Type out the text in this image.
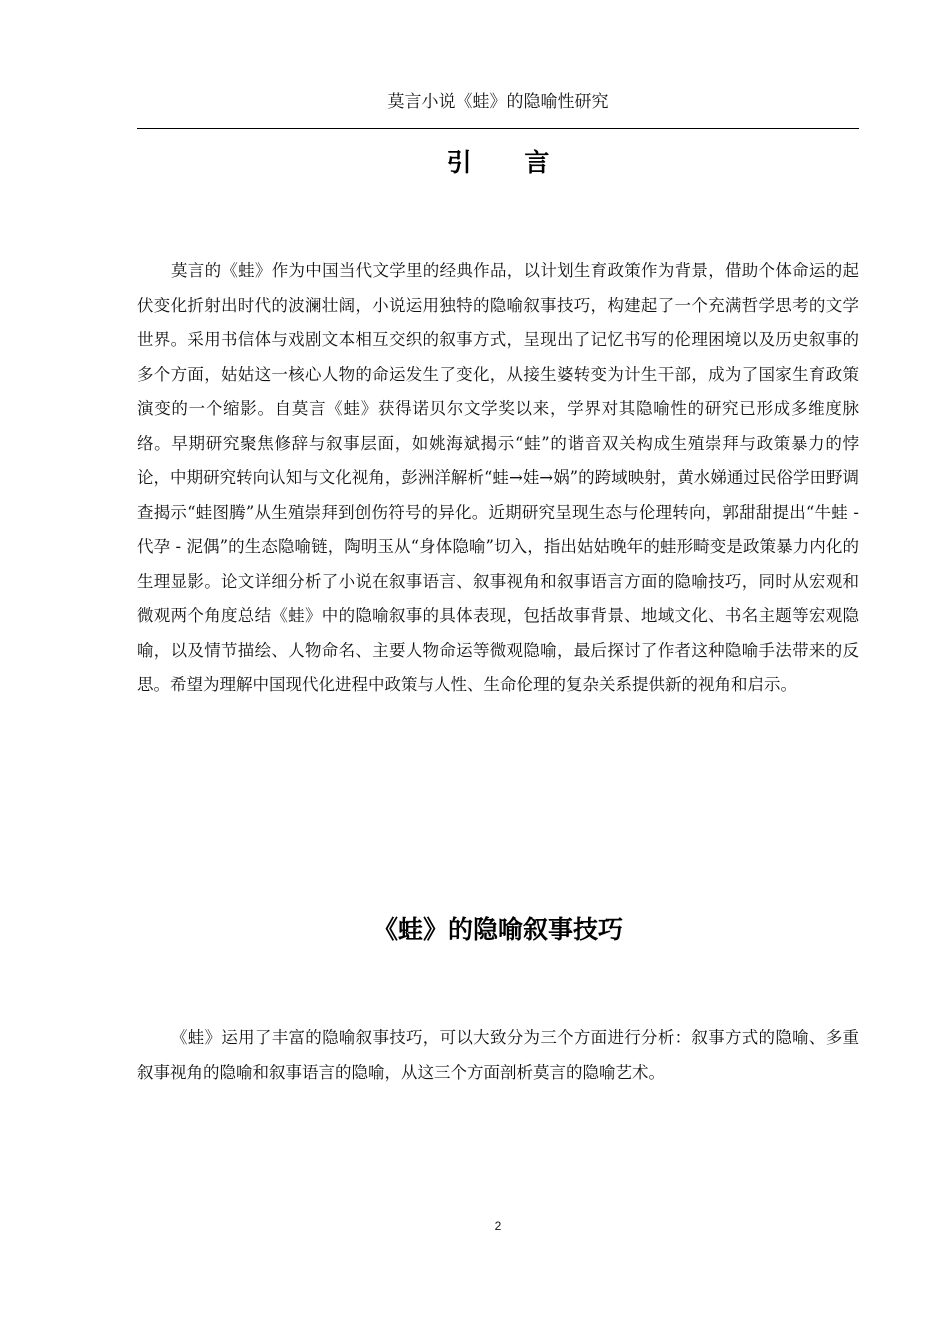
莫言小说《蛙》的隐喻性研究
引 言

莫言的《蛙》作为中国当代文学里的经典作品，以计划生育政策作为背景，借助个体命运的起伏变化折射出时代的波澜壮阔，小说运用独特的隐喻叙事技巧，构建起了一个充满哲学思考的文学世界。采用书信体与戏剧文本相互交织的叙事方式，呈现出了记忆书写的伦理困境以及历史叙事的多个方面，姑姑这一核心人物的命运发生了变化，从接生婆转变为计生干部，成为了国家生育政策演变的一个缩影。自莫言《蛙》获得诺贝尔文学奖以来，学界对其隐喻性的研究已形成多维度脉络。早期研究聚焦修辞与叙事层面，如姚海斌揭示“蛙”的谐音双关构成生殖崇拜与政策暴力的悖论，中期研究转向认知与文化视角，彭洲洋解析“蛙→娃→娲”的跨域映射，黄水娣通过民俗学田野调查揭示“蛙图腾”从生殖崇拜到创伤符号的异化。近期研究呈现生态与伦理转向，郭甜甜提出“牛蛙 - 代孕 - 泥偶”的生态隐喻链，陶明玉从“身体隐喻”切入，指出姑姑晚年的蛙形畸变是政策暴力内化的生理显影。论文详细分析了小说在叙事语言、叙事视角和叙事语言方面的隐喻技巧，同时从宏观和微观两个角度总结《蛙》中的隐喻叙事的具体表现，包括故事背景、地域文化、书名主题等宏观隐喻，以及情节描绘、人物命名、主要人物命运等微观隐喻，最后探讨了作者这种隐喻手法带来的反思。希望为理解中国现代化进程中政策与人性、生命伦理的复杂关系提供新的视角和启示。

《蛙》的隐喻叙事技巧

《蛙》运用了丰富的隐喻叙事技巧，可以大致分为三个方面进行分析：叙事方式的隐喻、多重叙事视角的隐喻和叙事语言的隐喻，从这三个方面剖析莫言的隐喻艺术。

2
